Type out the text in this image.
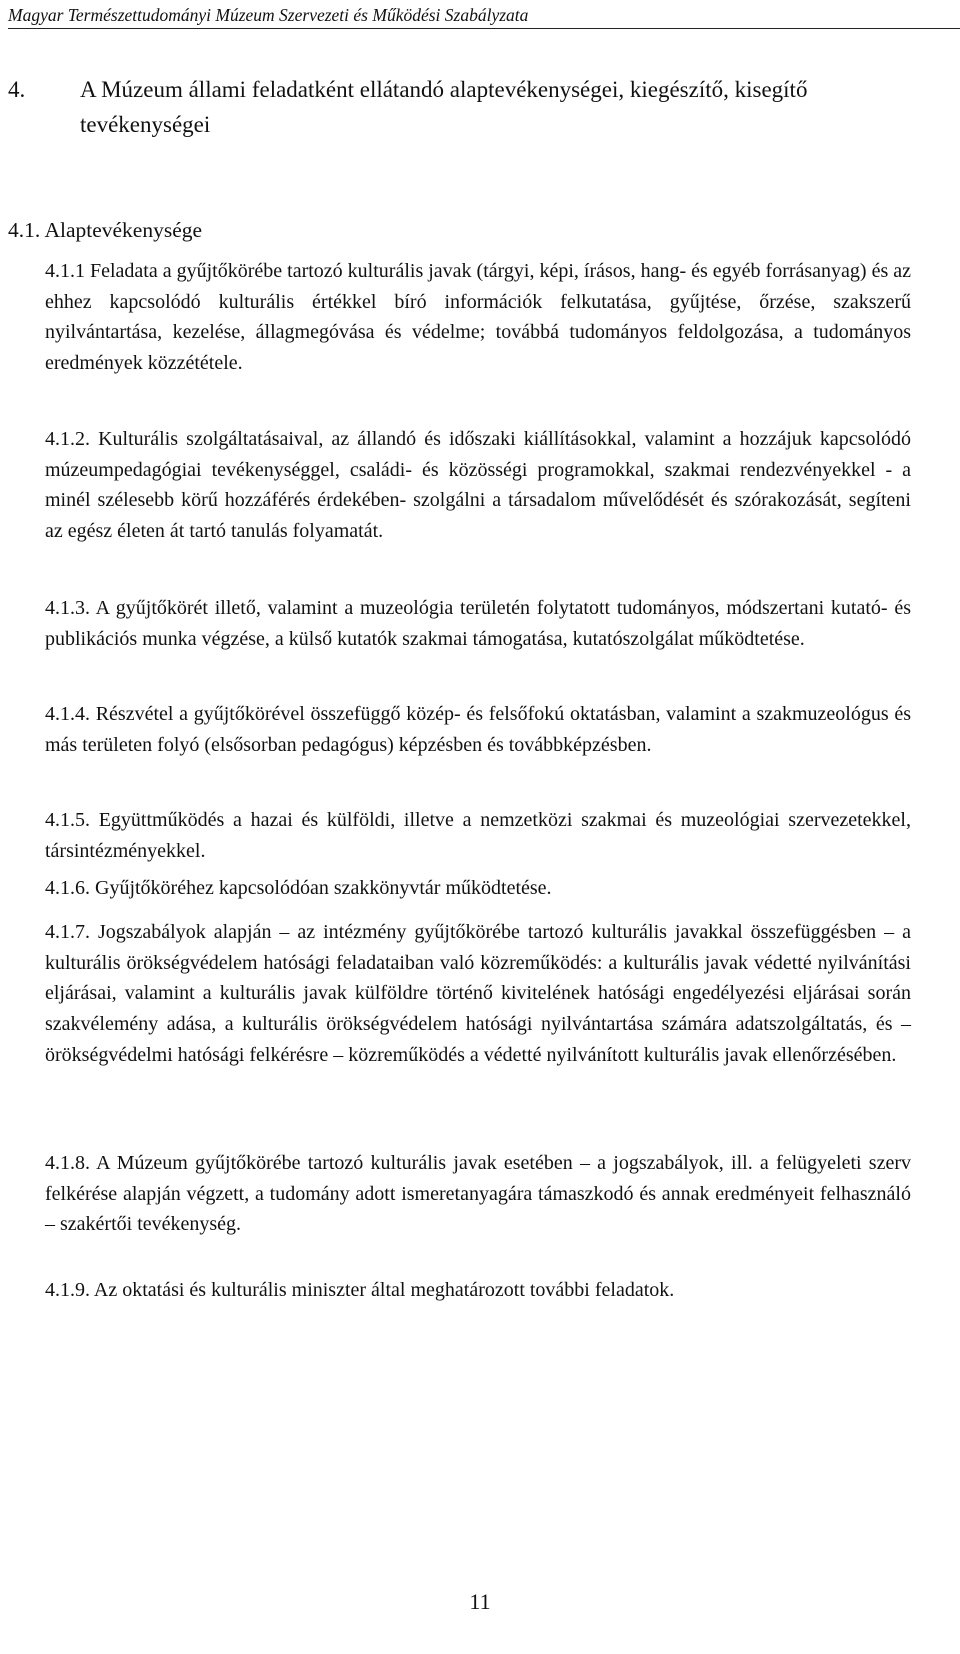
Magyar Természettudományi Múzeum Szervezeti és Működési Szabályzata
4.	A Múzeum állami feladatként ellátandó alaptevékenységei, kiegészítő, kisegítő tevékenységei
4.1. Alaptevékenysége

4.1.1 Feladata a gyűjtőkörébe tartozó kulturális javak (tárgyi, képi, írásos, hang- és egyéb forrásanyag) és az ehhez kapcsolódó kulturális értékkel bíró információk felkutatása, gyűjtése, őrzése, szakszerű nyilvántartása, kezelése, állagmegóvása és védelme; továbbá tudományos feldolgozása, a tudományos eredmények közzététele.

4.1.2. Kulturális szolgáltatásaival, az állandó és időszaki kiállításokkal, valamint a hozzájuk kapcsolódó múzeumpedagógiai tevékenységgel, családi- és közösségi programokkal, szakmai rendezvényekkel - a minél szélesebb körű hozzáférés érdekében- szolgálni a társadalom művelődését és szórakozását, segíteni az egész életen át tartó tanulás folyamatát.

4.1.3. A gyűjtőkörét illető, valamint a muzeológia területén folytatott tudományos, módszertani kutató- és publikációs munka végzése, a külső kutatók szakmai támogatása, kutatószolgálat működtetése.

4.1.4. Részvétel a gyűjtőkörével összefüggő közép- és felsőfokú oktatásban, valamint a szakmuzeológus és más területen folyó (elsősorban pedagógus) képzésben és továbbképzésben.

4.1.5. Együttműködés a hazai és külföldi, illetve a nemzetközi szakmai és muzeológiai szervezetekkel, társintézményekkel.

4.1.6. Gyűjtőköréhez kapcsolódóan szakkönyvtár működtetése.

4.1.7. Jogszabályok alapján – az intézmény gyűjtőkörébe tartozó kulturális javakkal összefüggésben – a kulturális örökségvédelem hatósági feladataiban való közreműködés: a kulturális javak védetté nyilvánítási eljárásai, valamint a kulturális javak külföldre történő kivitelének hatósági engedélyezési eljárásai során szakvélemény adása, a kulturális örökségvédelem hatósági nyilvántartása számára adatszolgáltatás, és – örökségvédelmi hatósági felkérésre – közreműködés a védetté nyilvánított kulturális javak ellenőrzésében.

4.1.8. A Múzeum gyűjtőkörébe tartozó kulturális javak esetében – a jogszabályok, ill. a felügyeleti szerv felkérése alapján végzett, a tudomány adott ismeretanyagára támaszkodó és annak eredményeit felhasználó – szakértői tevékenység.

4.1.9. Az oktatási és kulturális miniszter által meghatározott további feladatok.

11
